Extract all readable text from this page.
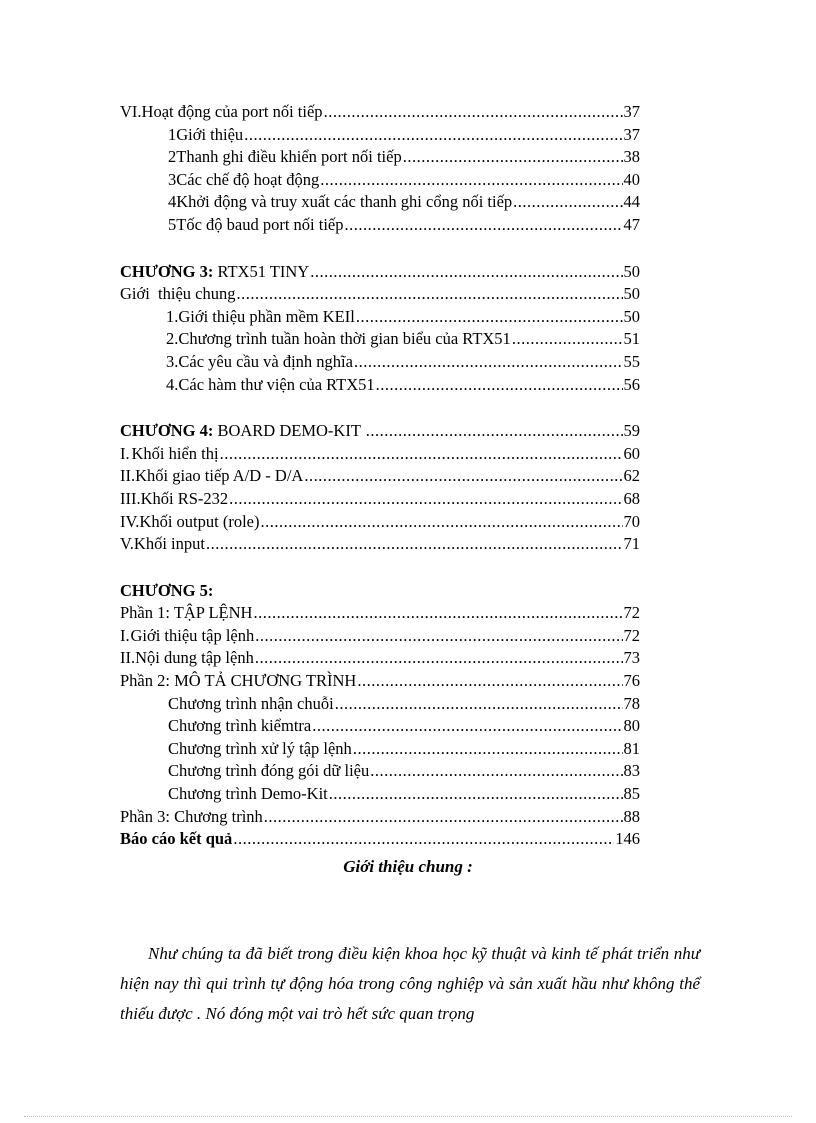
VI. Hoạt động của port nối tiếp .....	37
1 Giới thiệu .....	37
2 Thanh ghi điều khiển port nối tiếp .....	38
3 Các chế độ hoạt động .....	40
4 Khởi động và truy xuất các thanh ghi cổng nối tiếp .....	44
5 Tốc độ baud port nối tiếp .....	47
CHƯƠNG 3: RTX51 TINY .....	50
Giới  thiệu chung .....	50
1. Giới thiệu phần mềm KEIl .....	50
2. Chương trình tuần hoàn thời gian biểu của RTX51 .....	51
3. Các yêu cầu và định nghĩa .....	55
4. Các hàm thư viện của RTX51 .....	56
CHƯƠNG 4: BOARD DEMO-KIT .....	59
I. Khối hiển thị .....	60
II. Khối giao tiếp A/D - D/A .....	62
III. Khối RS-232 .....	68
IV. Khối output (role) .....	70
V. Khối input .....	71
CHƯƠNG 5:
Phần 1: TẬP LỆNH .....	72
I. Giới thiệu tập lệnh .....	72
II. Nội dung tập lệnh .....	73
Phần 2: MÔ TẢ CHƯƠNG TRÌNH .....	76
Chương trình nhận chuỗi .....	78
Chương trình kiểmtra .....	80
Chương trình xử lý tập lệnh .....	81
Chương trình đóng gói dữ liệu .....	83
Chương trình Demo-Kit .....	85
Phần 3: Chương trình .....	88
Báo cáo kết quả .....	146
Giới thiệu chung :

Như chúng ta đã biết trong điều kiện khoa học kỹ thuật và kinh tế phát triển như hiện nay thì qui trình tự động hóa trong công nghiệp và sản xuất hầu như không thể thiếu được . Nó đóng một vai trò hết sức quan trọng
